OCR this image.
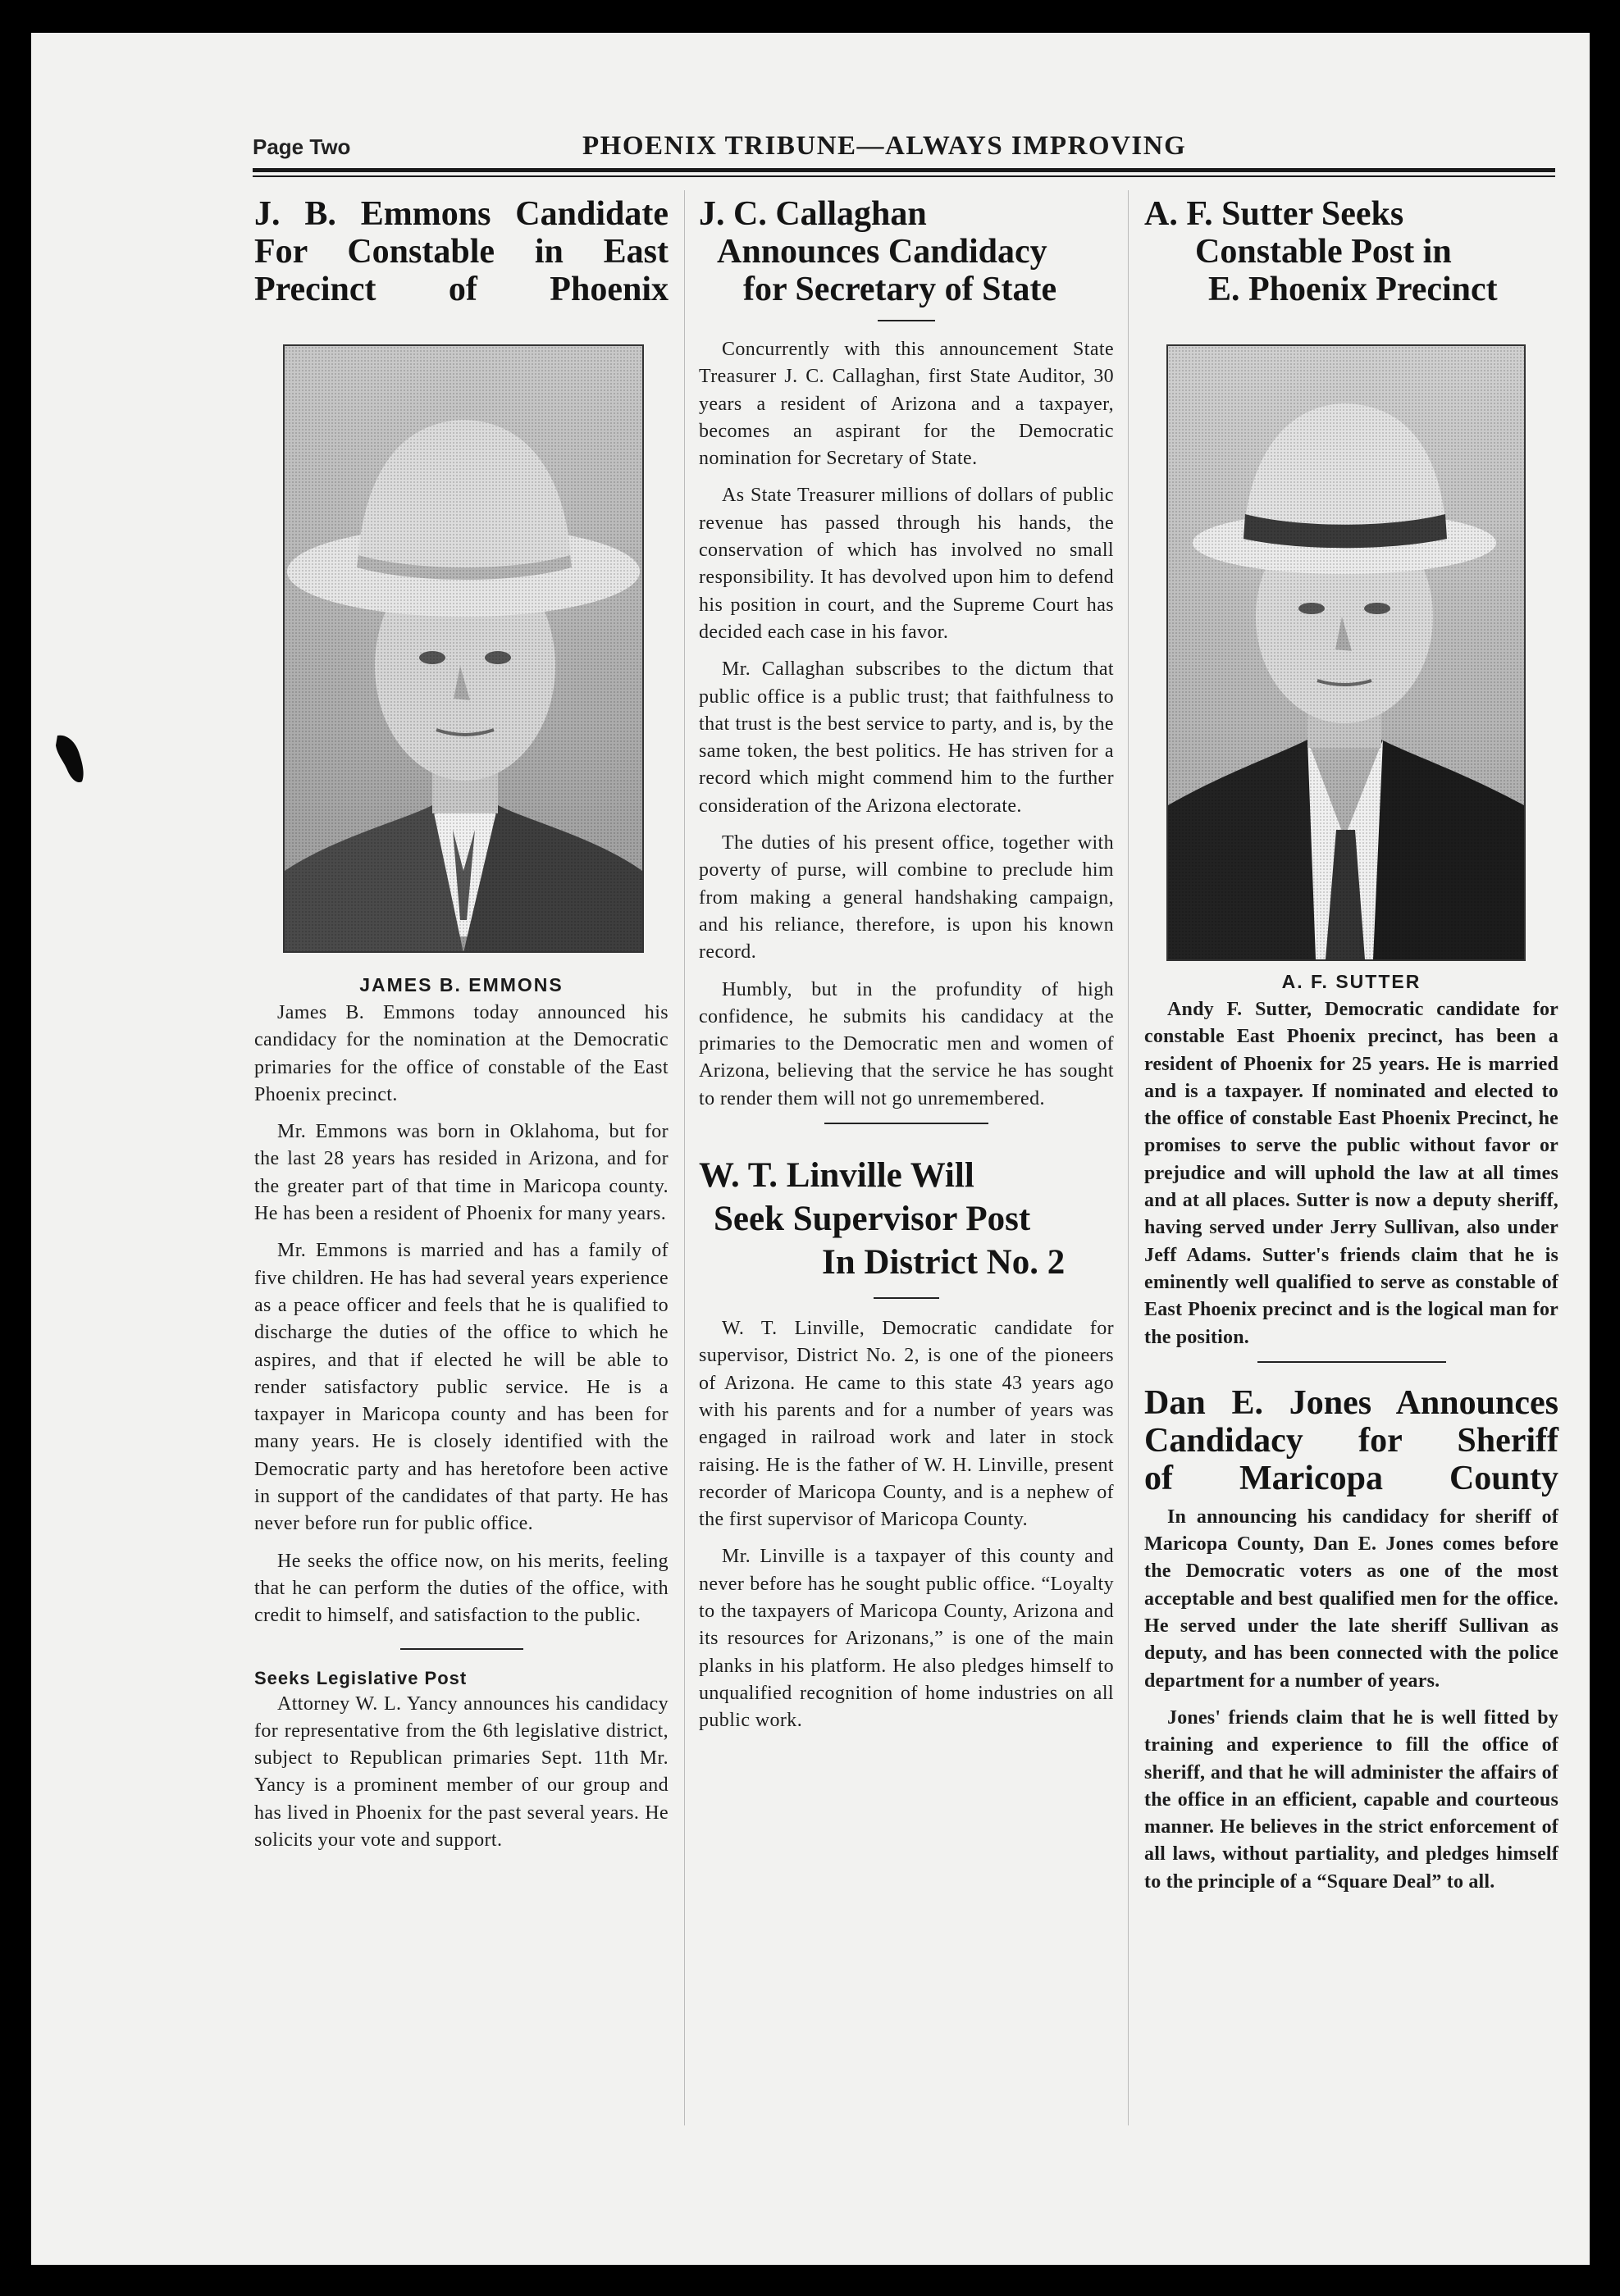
Page Two	PHOENIX TRIBUNE—ALWAYS IMPROVING
J. B. Emmons Candidate
For Constable in East
Precinct of Phoenix
JAMES B. EMMONS

James B. Emmons today announced his candidacy for the nomination at the Democratic primaries for the office of constable of the East Phoenix precinct.

Mr. Emmons was born in Oklahoma, but for the last 28 years has resided in Arizona, and for the greater part of that time in Maricopa county. He has been a resident of Phoenix for many years.

Mr. Emmons is married and has a family of five children. He has had several years experience as a peace officer and feels that he is qualified to discharge the duties of the office to which he aspires, and that if elected he will be able to render satisfactory public service. He is a taxpayer in Maricopa county and has been for many years. He is closely identified with the Democratic party and has heretofore been active in support of the candidates of that party. He has never before run for public office.

He seeks the office now, on his merits, feeling that he can perform the duties of the office, with credit to himself, and satisfaction to the public.

Seeks Legislative Post

Attorney W. L. Yancy announces his candidacy for representative from the 6th legislative district, subject to Republican primaries Sept. 11th Mr. Yancy is a prominent member of our group and has lived in Phoenix for the past several years. He solicits your vote and support.

J. C. Callaghan
Announces Candidacy
for Secretary of State

Concurrently with this announcement State Treasurer J. C. Callaghan, first State Auditor, 30 years a resident of Arizona and a taxpayer, becomes an aspirant for the Democratic nomination for Secretary of State.

As State Treasurer millions of dollars of public revenue has passed through his hands, the conservation of which has involved no small responsibility. It has devolved upon him to defend his position in court, and the Supreme Court has decided each case in his favor.

Mr. Callaghan subscribes to the dictum that public office is a public trust; that faithfulness to that trust is the best service to party, and is, by the same token, the best politics. He has striven for a record which might commend him to the further consideration of the Arizona electorate.

The duties of his present office, together with poverty of purse, will combine to preclude him from making a general handshaking campaign, and his reliance, therefore, is upon his known record.

Humbly, but in the profundity of high confidence, he submits his candidacy at the primaries to the Democratic men and women of Arizona, believing that the service he has sought to render them will not go unremembered.

W. T. Linville Will
Seek Supervisor Post
In District No. 2

W. T. Linville, Democratic candidate for supervisor, District No. 2, is one of the pioneers of Arizona. He came to this state 43 years ago with his parents and for a number of years was engaged in railroad work and later in stock raising. He is the father of W. H. Linville, present recorder of Maricopa County, and is a nephew of the first supervisor of Maricopa County.

Mr. Linville is a taxpayer of this county and never before has he sought public office. “Loyalty to the taxpayers of Maricopa County, Arizona and its resources for Arizonans,” is one of the main planks in his platform. He also pledges himself to unqualified recognition of home industries on all public work.

A. F. Sutter Seeks
Constable Post in
E. Phoenix Precinct
A. F. SUTTER

Andy F. Sutter, Democratic candidate for constable East Phoenix precinct, has been a resident of Phoenix for 25 years. He is married and is a taxpayer. If nominated and elected to the office of constable East Phoenix Precinct, he promises to serve the public without favor or prejudice and will uphold the law at all times and at all places. Sutter is now a deputy sheriff, having served under Jerry Sullivan, also under Jeff Adams. Sutter's friends claim that he is eminently well qualified to serve as constable of East Phoenix precinct and is the logical man for the position.

Dan E. Jones Announces
Candidacy for Sheriff
of Maricopa County

In announcing his candidacy for sheriff of Maricopa County, Dan E. Jones comes before the Democratic voters as one of the most acceptable and best qualified men for the office. He served under the late sheriff Sullivan as deputy, and has been connected with the police department for a number of years.

Jones' friends claim that he is well fitted by training and experience to fill the office of sheriff, and that he will administer the affairs of the office in an efficient, capable and courteous manner. He believes in the strict enforcement of all laws, without partiality, and pledges himself to the principle of a “Square Deal” to all.
